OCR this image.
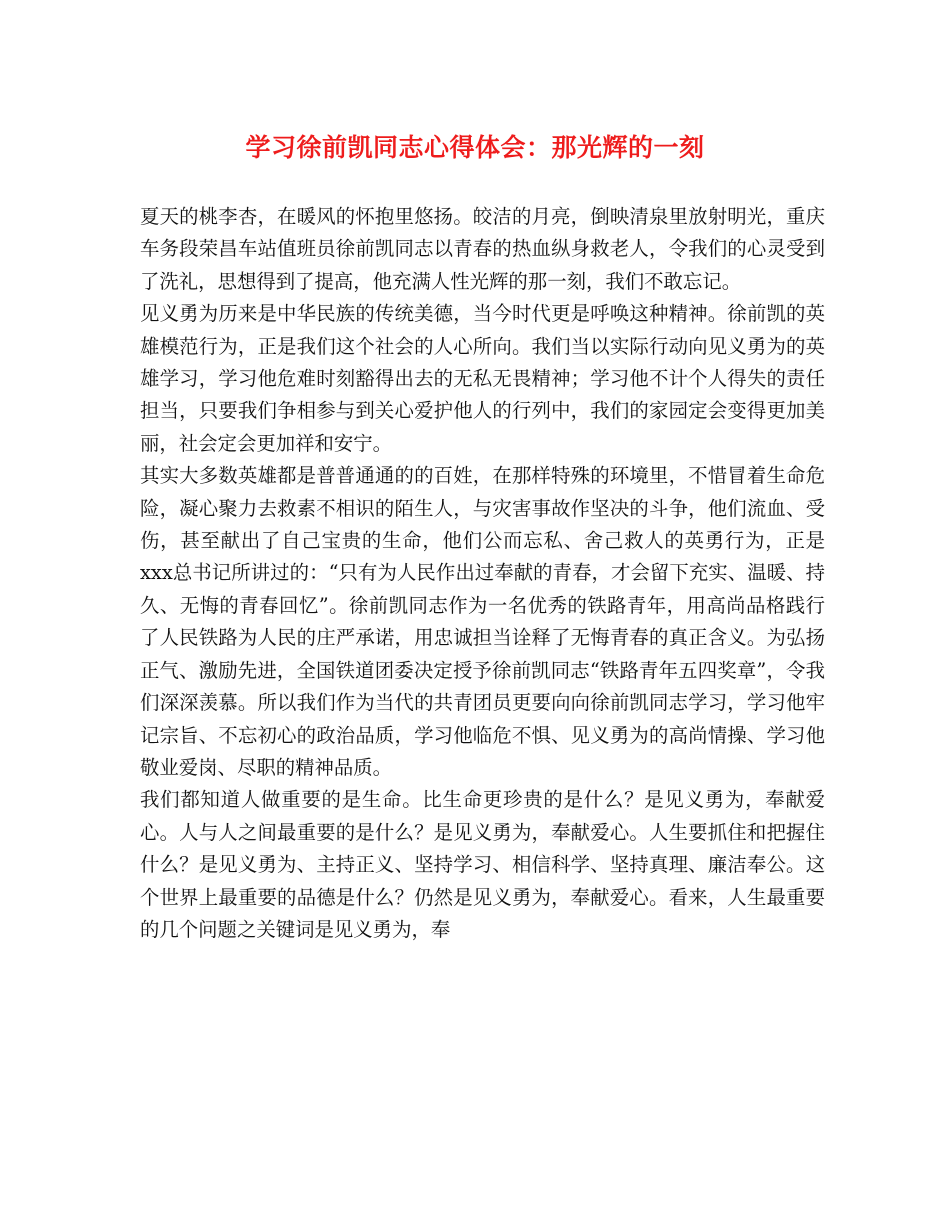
学习徐前凯同志心得体会：那光辉的一刻

夏天的桃李杏，在暖风的怀抱里悠扬。皎洁的月亮，倒映清泉里放射明光，重庆车务段荣昌车站值班员徐前凯同志以青春的热血纵身救老人，令我们的心灵受到了洗礼，思想得到了提高，他充满人性光辉的那一刻，我们不敢忘记。

见义勇为历来是中华民族的传统美德，当今时代更是呼唤这种精神。徐前凯的英雄模范行为，正是我们这个社会的人心所向。我们当以实际行动向见义勇为的英雄学习，学习他危难时刻豁得出去的无私无畏精神；学习他不计个人得失的责任担当，只要我们争相参与到关心爱护他人的行列中，我们的家园定会变得更加美丽，社会定会更加祥和安宁。

其实大多数英雄都是普普通通的的百姓，在那样特殊的环境里，不惜冒着生命危险，凝心聚力去救素不相识的陌生人，与灾害事故作坚决的斗争，他们流血、受伤，甚至献出了自己宝贵的生命，他们公而忘私、舍己救人的英勇行为，正是xxx总书记所讲过的：“只有为人民作出过奉献的青春，才会留下充实、温暖、持久、无悔的青春回忆”。徐前凯同志作为一名优秀的铁路青年，用高尚品格践行了人民铁路为人民的庄严承诺，用忠诚担当诠释了无悔青春的真正含义。为弘扬正气、激励先进，全国铁道团委决定授予徐前凯同志“铁路青年五四奖章”，令我们深深羡慕。所以我们作为当代的共青团员更要向向徐前凯同志学习，学习他牢记宗旨、不忘初心的政治品质，学习他临危不惧、见义勇为的高尚情操、学习他敬业爱岗、尽职的精神品质。

我们都知道人做重要的是生命。比生命更珍贵的是什么？是见义勇为，奉献爱心。人与人之间最重要的是什么？是见义勇为，奉献爱心。人生要抓住和把握住什么？是见义勇为、主持正义、坚持学习、相信科学、坚持真理、廉洁奉公。这个世界上最重要的品德是什么？仍然是见义勇为，奉献爱心。看来，人生最重要的几个问题之关键词是见义勇为，奉
